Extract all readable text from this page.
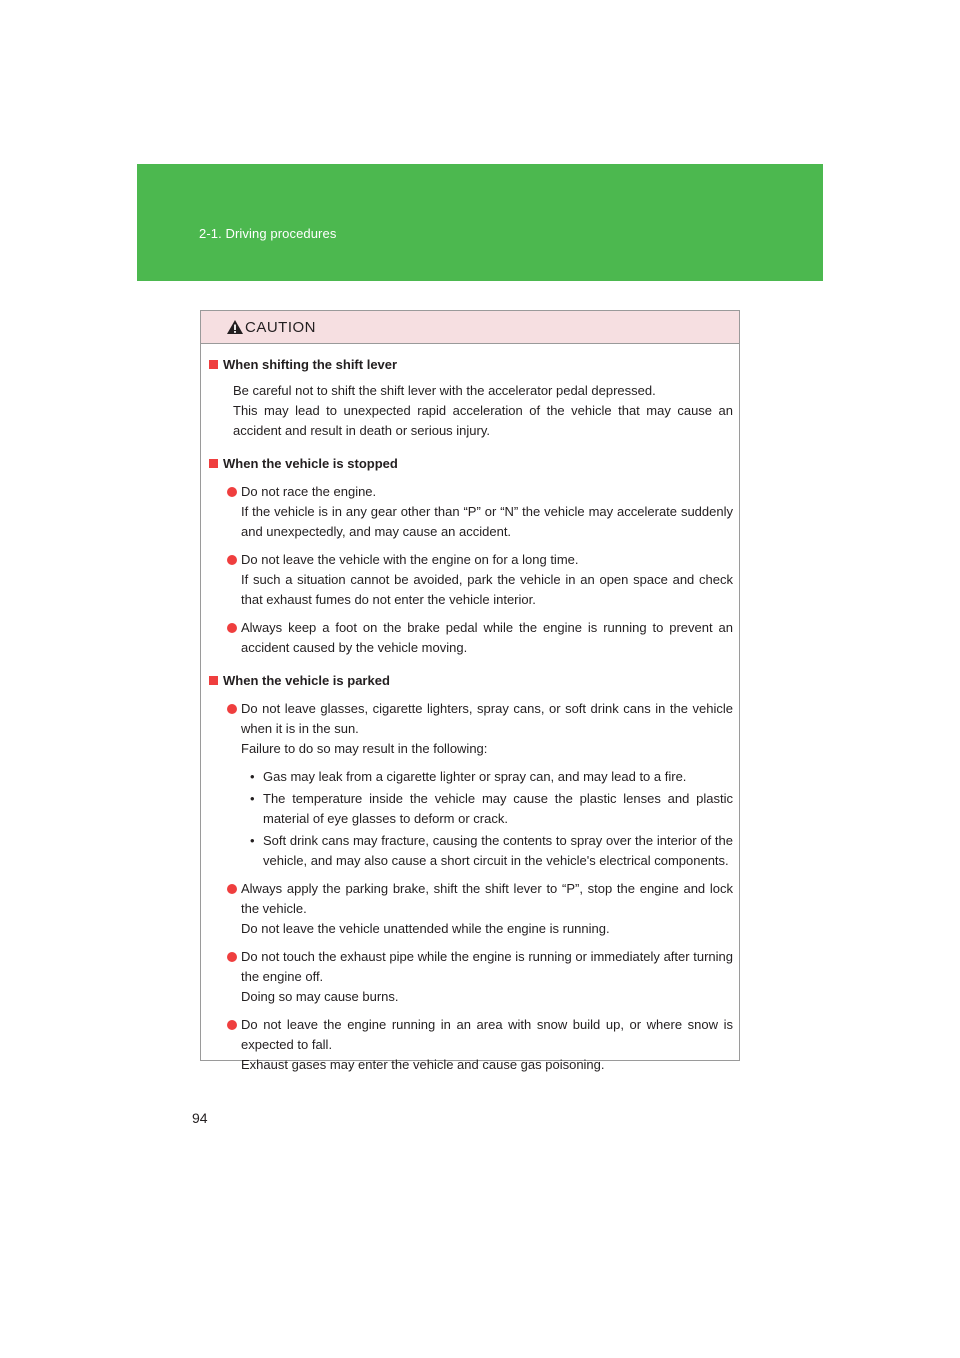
2-1. Driving procedures
CAUTION
When shifting the shift lever
Be careful not to shift the shift lever with the accelerator pedal depressed.
This may lead to unexpected rapid acceleration of the vehicle that may cause an accident and result in death or serious injury.
When the vehicle is stopped
Do not race the engine.
If the vehicle is in any gear other than “P” or “N” the vehicle may accelerate suddenly and unexpectedly, and may cause an accident.
Do not leave the vehicle with the engine on for a long time.
If such a situation cannot be avoided, park the vehicle in an open space and check that exhaust fumes do not enter the vehicle interior.
Always keep a foot on the brake pedal while the engine is running to prevent an accident caused by the vehicle moving.
When the vehicle is parked
Do not leave glasses, cigarette lighters, spray cans, or soft drink cans in the vehicle when it is in the sun.
Failure to do so may result in the following:
• Gas may leak from a cigarette lighter or spray can, and may lead to a fire.
• The temperature inside the vehicle may cause the plastic lenses and plastic material of eye glasses to deform or crack.
• Soft drink cans may fracture, causing the contents to spray over the interior of the vehicle, and may also cause a short circuit in the vehicle's electrical components.
Always apply the parking brake, shift the shift lever to “P”, stop the engine and lock the vehicle.
Do not leave the vehicle unattended while the engine is running.
Do not touch the exhaust pipe while the engine is running or immediately after turning the engine off.
Doing so may cause burns.
Do not leave the engine running in an area with snow build up, or where snow is expected to fall.
Exhaust gases may enter the vehicle and cause gas poisoning.
94
